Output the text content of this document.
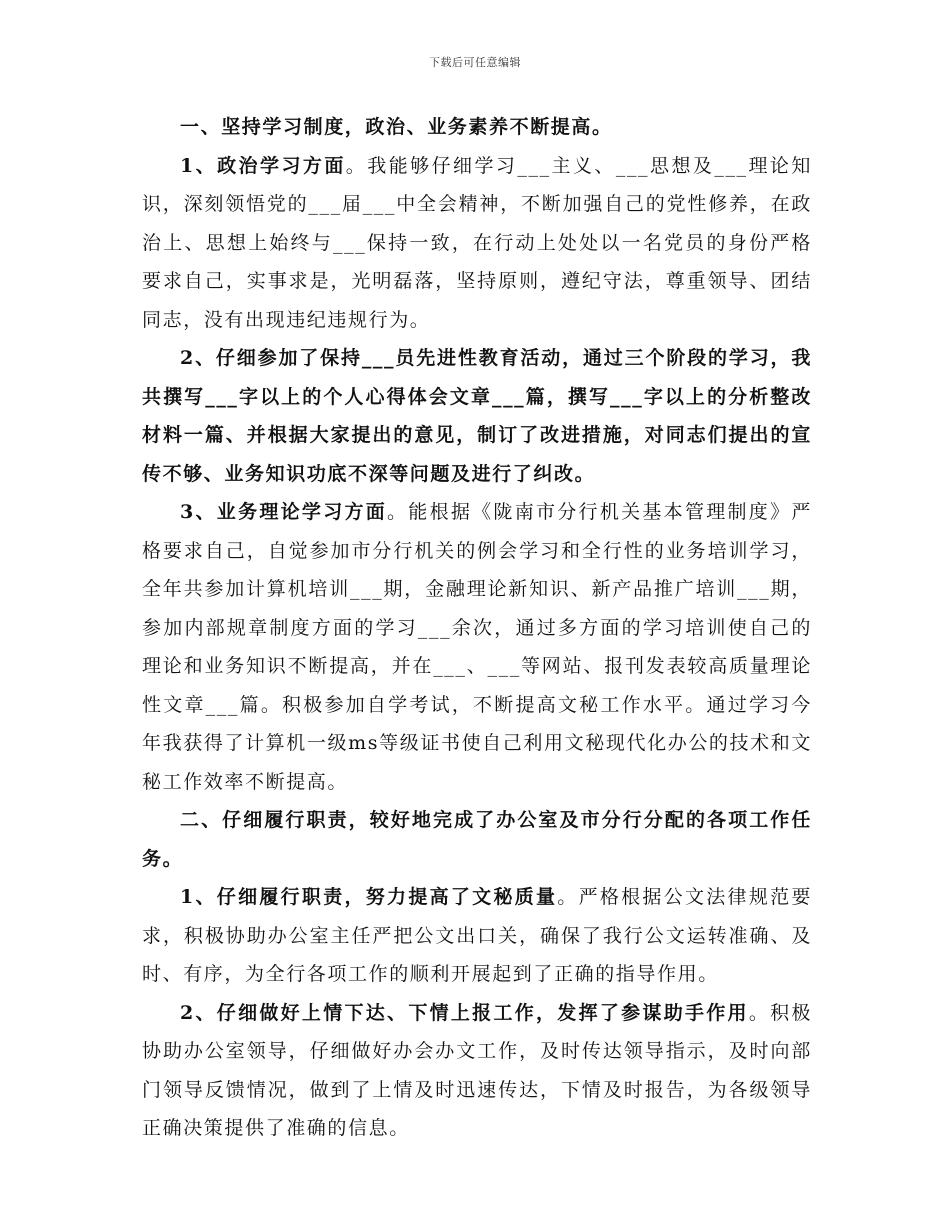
下载后可任意编辑

一、坚持学习制度，政治、业务素养不断提高。

1、政治学习方面。我能够仔细学习___主义、___思想及___理论知识，深刻领悟党的___届___中全会精神，不断加强自己的党性修养，在政治上、思想上始终与___保持一致，在行动上处处以一名党员的身份严格要求自己，实事求是，光明磊落，坚持原则，遵纪守法，尊重领导、团结同志，没有出现违纪违规行为。

2、仔细参加了保持___员先进性教育活动，通过三个阶段的学习，我共撰写___字以上的个人心得体会文章___篇，撰写___字以上的分析整改材料一篇、并根据大家提出的意见，制订了改进措施，对同志们提出的宣传不够、业务知识功底不深等问题及进行了纠改。

3、业务理论学习方面。能根据《陇南市分行机关基本管理制度》严格要求自己，自觉参加市分行机关的例会学习和全行性的业务培训学习，全年共参加计算机培训___期，金融理论新知识、新产品推广培训___期，参加内部规章制度方面的学习___余次，通过多方面的学习培训使自己的理论和业务知识不断提高，并在___、___等网站、报刊发表较高质量理论性文章___篇。积极参加自学考试，不断提高文秘工作水平。通过学习今年我获得了计算机一级ms等级证书使自己利用文秘现代化办公的技术和文秘工作效率不断提高。

二、仔细履行职责，较好地完成了办公室及市分行分配的各项工作任务。

1、仔细履行职责，努力提高了文秘质量。严格根据公文法律规范要求，积极协助办公室主任严把公文出口关，确保了我行公文运转准确、及时、有序，为全行各项工作的顺利开展起到了正确的指导作用。

2、仔细做好上情下达、下情上报工作，发挥了参谋助手作用。积极协助办公室领导，仔细做好办会办文工作，及时传达领导指示，及时向部门领导反馈情况，做到了上情及时迅速传达，下情及时报告，为各级领导正确决策提供了准确的信息。
